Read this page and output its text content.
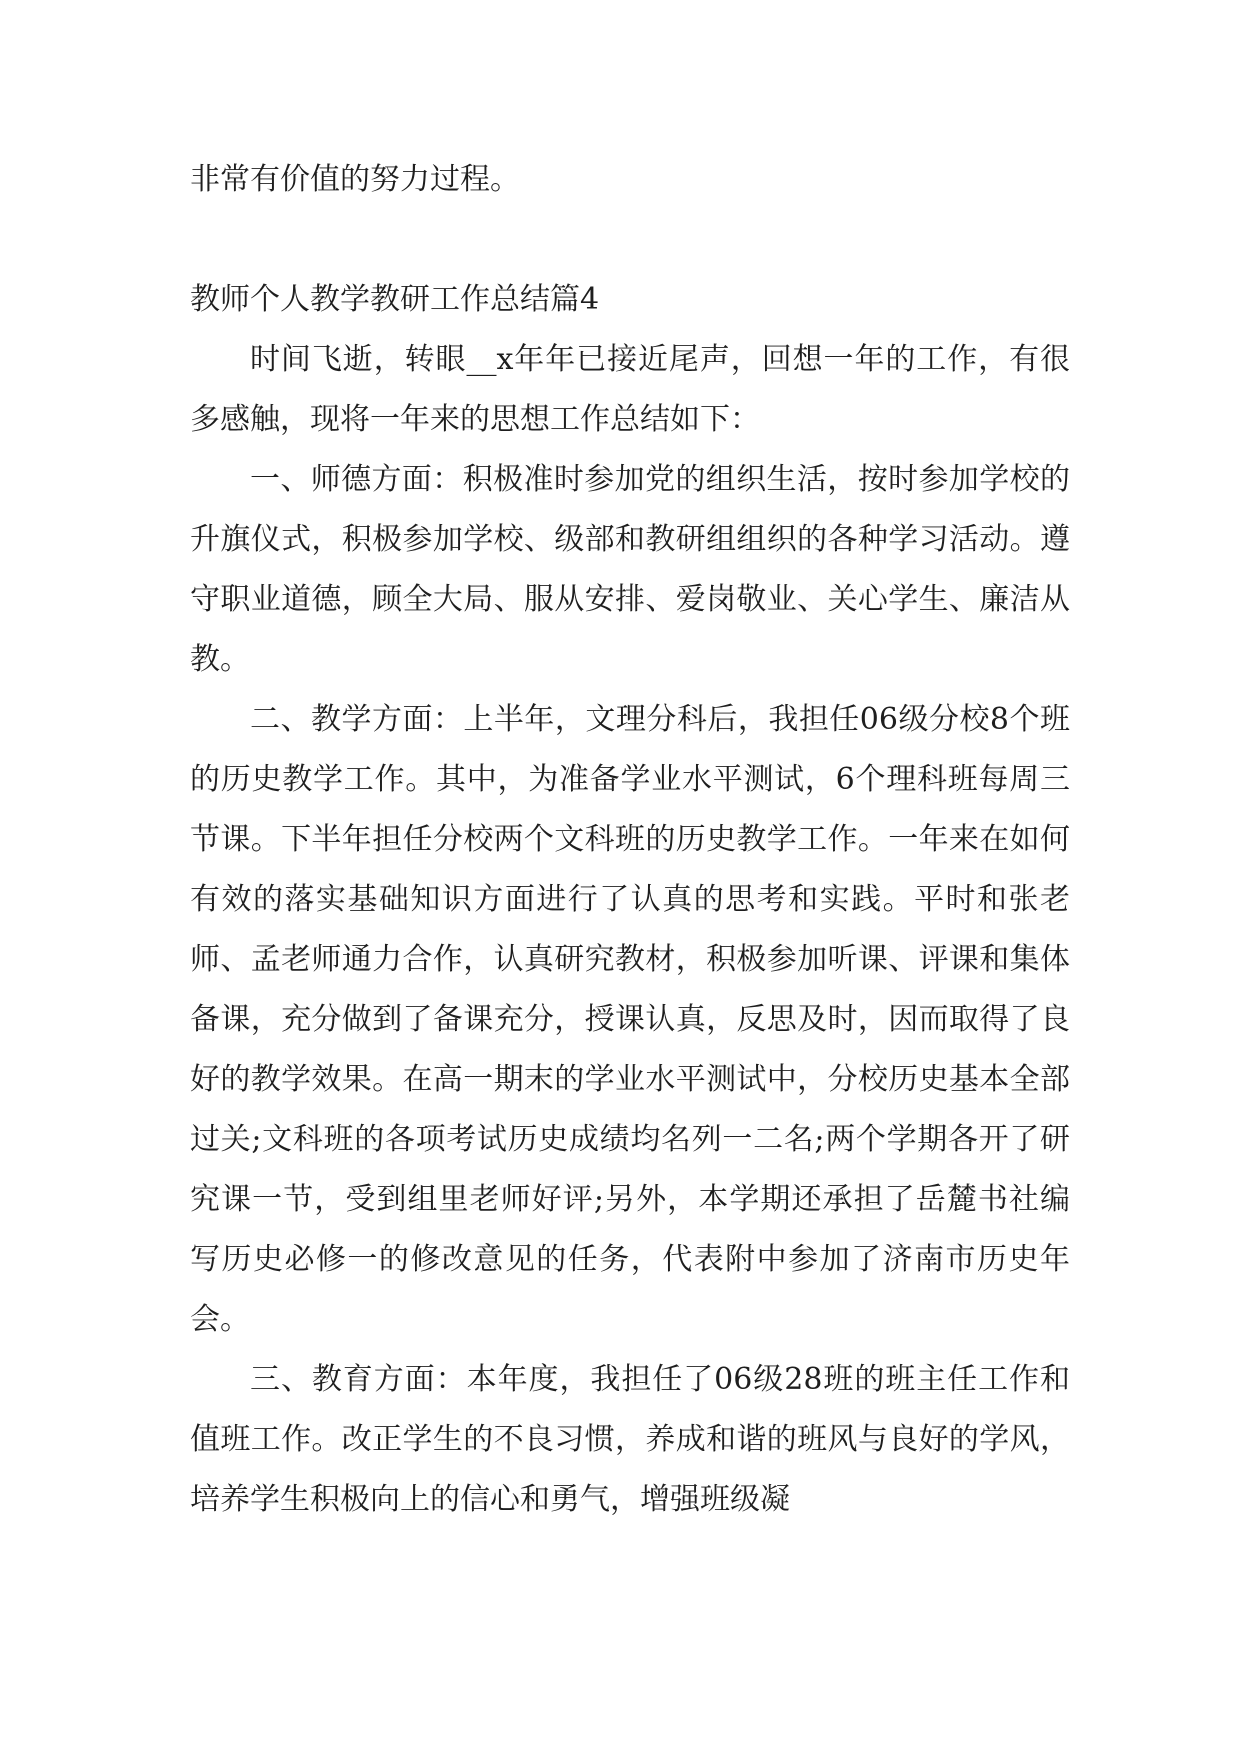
非常有价值的努力过程。

教师个人教学教研工作总结篇4

时间飞逝，转眼__x年年已接近尾声，回想一年的工作，有很多感触，现将一年来的思想工作总结如下：

一、师德方面：积极准时参加党的组织生活，按时参加学校的升旗仪式，积极参加学校、级部和教研组组织的各种学习活动。遵守职业道德，顾全大局、服从安排、爱岗敬业、关心学生、廉洁从教。

二、教学方面：上半年，文理分科后，我担任06级分校8个班的历史教学工作。其中，为准备学业水平测试，6个理科班每周三节课。下半年担任分校两个文科班的历史教学工作。一年来在如何有效的落实基础知识方面进行了认真的思考和实践。平时和张老师、孟老师通力合作，认真研究教材，积极参加听课、评课和集体备课，充分做到了备课充分，授课认真，反思及时，因而取得了良好的教学效果。在高一期末的学业水平测试中，分校历史基本全部过关;文科班的各项考试历史成绩均名列一二名;两个学期各开了研究课一节，受到组里老师好评;另外，本学期还承担了岳麓书社编写历史必修一的修改意见的任务，代表附中参加了济南市历史年会。

三、教育方面：本年度，我担任了06级28班的班主任工作和值班工作。改正学生的不良习惯，养成和谐的班风与良好的学风，培养学生积极向上的信心和勇气，增强班级凝
